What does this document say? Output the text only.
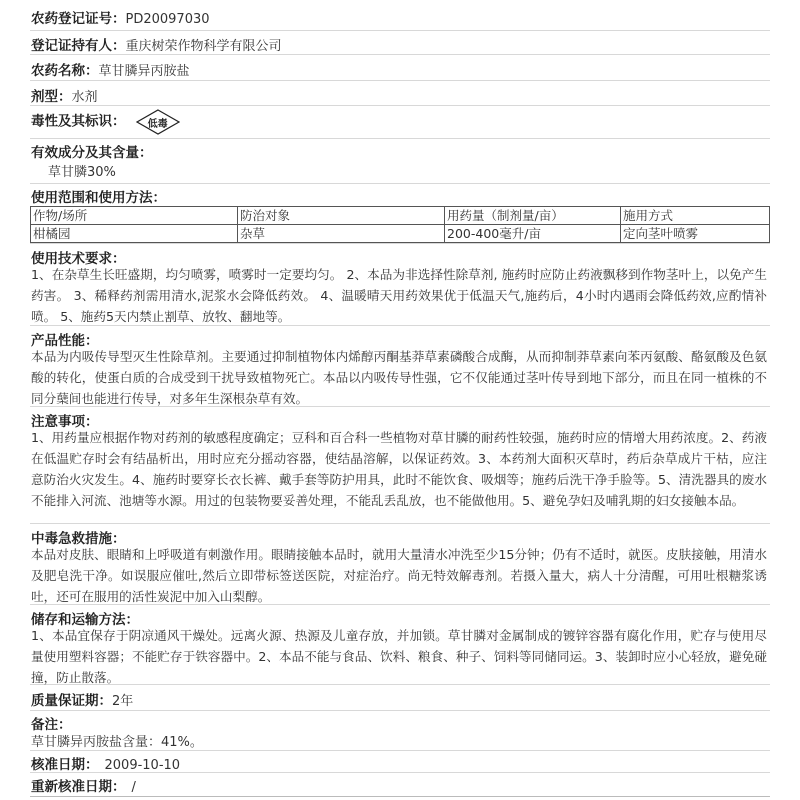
农药登记证号：PD20097030
登记证持有人：重庆树荣作物科学有限公司
农药名称：草甘膦异丙胺盐
剂型：水剂
毒性及其标识：	低毒
有效成分及其含量：
草甘膦30%
使用范围和使用方法：
作物/场所	防治对象	用药量（制剂量/亩）	施用方式
柑橘园	杂草	200-400毫升/亩	定向茎叶喷雾
使用技术要求：
1、在杂草生长旺盛期，均匀喷雾，喷雾时一定要均匀。 2、本品为非选择性除草剂, 施药时应防止药液飘移到作物茎叶上，以免产生药害。 3、稀释药剂需用清水,泥浆水会降低药效。 4、温暖晴天用药效果优于低温天气,施药后，4小时内遇雨会降低药效,应酌情补喷。 5、施药5天内禁止割草、放牧、翻地等。
产品性能：
本品为内吸传导型灭生性除草剂。主要通过抑制植物体内烯醇丙酮基莽草素磷酸合成酶，从而抑制莽草素向苯丙氨酸、酪氨酸及色氨酸的转化，使蛋白质的合成受到干扰导致植物死亡。本品以内吸传导性强，它不仅能通过茎叶传导到地下部分，而且在同一植株的不同分蘖间也能进行传导，对多年生深根杂草有效。
注意事项：
1、用药量应根据作物对药剂的敏感程度确定；豆科和百合科一些植物对草甘膦的耐药性较强，施药时应的情增大用药浓度。2、药液在低温贮存时会有结晶析出，用时应充分摇动容器，使结晶溶解，以保证药效。3、本药剂大面积灭草时，药后杂草成片干枯，应注意防治火灾发生。4、施药时要穿长衣长裤、戴手套等防护用具，此时不能饮食、吸烟等；施药后洗干净手脸等。5、清洗器具的废水不能排入河流、池塘等水源。用过的包装物要妥善处理，不能乱丢乱放，也不能做他用。5、避免孕妇及哺乳期的妇女接触本品。
中毒急救措施：
本品对皮肤、眼睛和上呼吸道有刺激作用。眼睛接触本品时，就用大量清水冲洗至少15分钟；仍有不适时，就医。皮肤接触，用清水及肥皂洗干净。如误服应催吐,然后立即带标签送医院，对症治疗。尚无特效解毒剂。若摄入量大，病人十分清醒，可用吐根糖浆诱吐，还可在服用的活性炭泥中加入山梨醇。
储存和运输方法：
1、本品宜保存于阴凉通风干燥处。远离火源、热源及儿童存放，并加锁。草甘膦对金属制成的镀锌容器有腐化作用，贮存与使用尽量使用塑料容器；不能贮存于铁容器中。2、本品不能与食品、饮料、粮食、种子、饲料等同储同运。3、装卸时应小心轻放，避免碰撞，防止散落。
质量保证期：2年
备注：
草甘膦异丙胺盐含量：41%。
核准日期： 2009-10-10
重新核准日期： /
